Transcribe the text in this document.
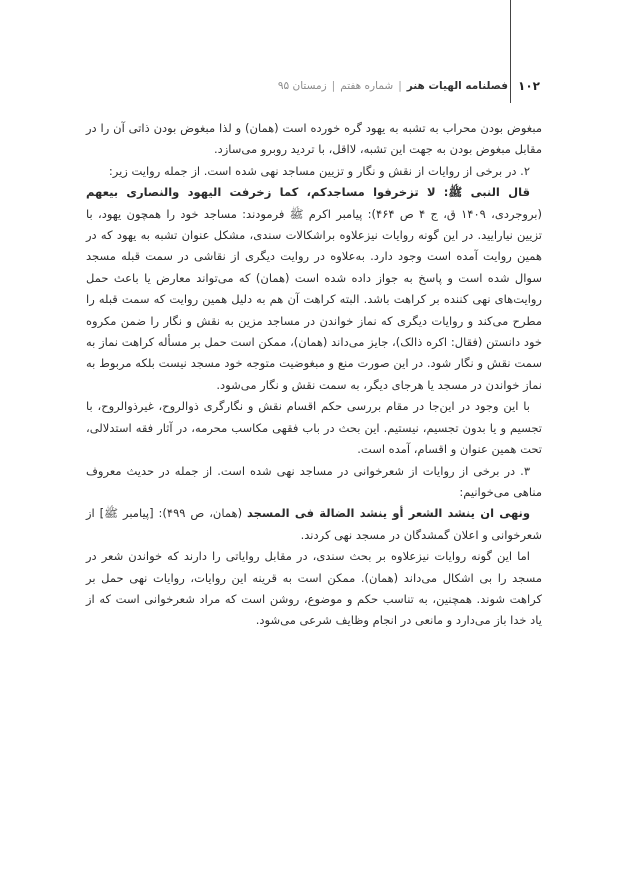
۱۰۲
فصلنامه الهیات هنر
|
شماره هفتم
|
زمستان ۹۵

مبغوض بودن محراب به تشبه به یهود گره خورده است (همان) و لذا مبغوض بودن ذاتی آن را در مقابل مبغوض بودن به جهت این تشبه، لااقل، با تردید روبرو می‌سازد.

۲. در برخی از روایات از نقش و نگار و تزیین مساجد نهی شده است. از جمله روایت زیر:

قال النبی ﷺ: لا تزخرفوا مساجدکم، کما زخرفت الیهود والنصاری بیعهم (بروجردی، ۱۴۰۹ ق، ج ۴ ص ۴۶۴): پیامبر اکرم ﷺ فرمودند: مساجد خود را همچون یهود، با تزیین نیارایید. در این گونه روایات نیزعلاوه براشکالات سندی، مشکل عنوان تشبه به یهود که در همین روایت آمده است وجود دارد. به‌علاوه در روایت دیگری از نقاشی در سمت قبله مسجد سوال شده است و پاسخ به جواز داده شده است (همان) که می‌تواند معارض یا باعث حمل روایت‌های نهی کننده بر کراهت باشد. البته کراهت آن هم به دلیل همین روایت که سمت قبله را مطرح می‌کند و روایات دیگری که نماز خواندن در مساجد مزین به نقش و نگار را ضمن مکروه خود دانستن (فقال: اکره ذالک)، جایز می‌داند (همان)، ممکن است حمل بر مسأله کراهت نماز به سمت نقش و نگار شود. در این صورت منع و مبغوضیت متوجه خود مسجد نیست بلکه مربوط به نماز خواندن در مسجد یا هرجای دیگر، به سمت نقش و نگار می‌شود.

با این وجود در این‌جا در مقام بررسی حکم اقسام نقش و نگارگری ذوالروح، غیرذوالروح، با تجسیم و یا بدون تجسیم، نیستیم. این بحث در باب فقهی مکاسب محرمه، در آثار فقه استدلالی، تحت همین عنوان و اقسام، آمده است.

۳. در برخی از روایات از شعرخوانی در مساجد نهی شده است. از جمله در حدیث معروف مناهی می‌خوانیم:

ونهی ان ینشد الشعر أو ینشد الضالة فی المسجد (همان، ص ۴۹۹): [پیامبر ﷺ] از شعرخوانی و اعلان گمشدگان در مسجد نهی کردند.

اما این گونه روایات نیزعلاوه بر بحث سندی، در مقابل روایاتی را دارند که خواندن شعر در مسجد را بی اشکال می‌داند (همان). ممکن است به قرینه این روایات، روایات نهی حمل بر کراهت شوند. همچنین، به تناسب حکم و موضوع، روشن است که مراد شعرخوانی است که از یاد خدا باز می‌دارد و مانعی در انجام وظایف شرعی می‌شود.
